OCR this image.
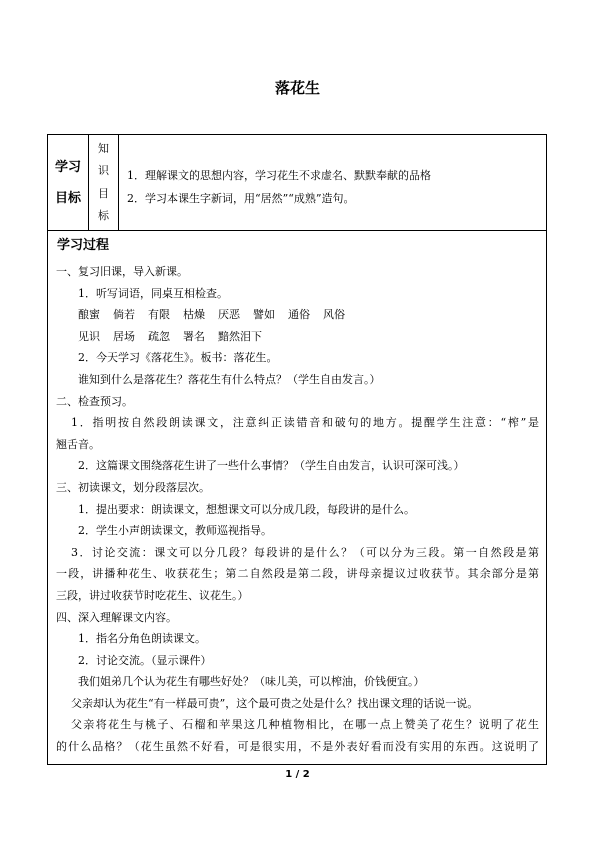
落花生
学习
目标
知
识
目
标
1．理解课文的思想内容，学习花生不求虚名、默默奉献的品格
2．学习本课生字新词，用“居然”“成熟”造句。
学习过程
一、复习旧课，导入新课。
1．听写词语，同桌互相检查。
酿蜜 倘若 有限 枯燥 厌恶 譬如 通俗 风俗
见识 居场 疏忽 署名 黯然泪下
2．今天学习《落花生》。板书：落花生。
谁知到什么是落花生？落花生有什么特点？（学生自由发言。）
二、检查预习。
1．指明按自然段朗读课文，注意纠正读错音和破句的地方。提醒学生注意：“榨”是
翘舌音。
2．这篇课文围绕落花生讲了一些什么事情？（学生自由发言，认识可深可浅。）
三、初读课文，划分段落层次。
1．提出要求：朗读课文，想想课文可以分成几段，每段讲的是什么。
2．学生小声朗读课文，教师巡视指导。
3．讨论交流：课文可以分几段？每段讲的是什么？（可以分为三段。第一自然段是第
一段，讲播种花生、收获花生；第二自然段是第二段，讲母亲提议过收获节。其余部分是第
三段，讲过收获节时吃花生、议花生。）
四、深入理解课文内容。
1．指名分角色朗读课文。
2．讨论交流。（显示课件）
我们姐弟几个认为花生有哪些好处？（味儿美，可以榨油，价钱便宜。）
父亲却认为花生“有一样最可贵”，这个最可贵之处是什么？找出课文理的话说一说。
父亲将花生与桃子、石榴和苹果这几种植物相比，在哪一点上赞美了花生？说明了花生
的什么品格？（花生虽然不好看，可是很实用，不是外表好看而没有实用的东西。这说明了
1 / 2
